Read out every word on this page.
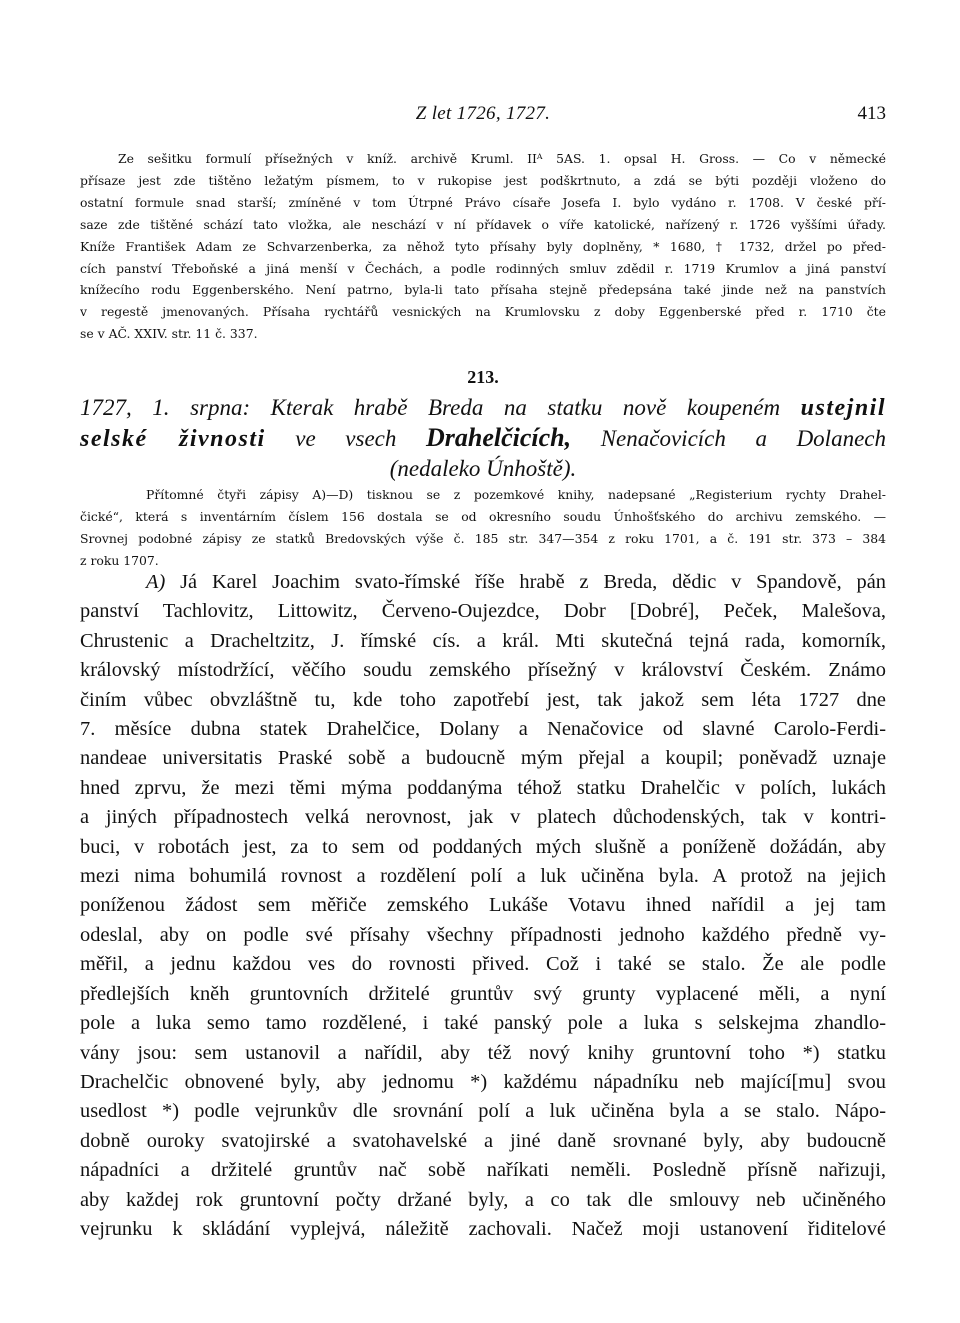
Z let 1726, 1727.	413
Ze sešitku formulí přísežných v kníž. archivě Kruml. IIᴬ 5AS. 1. opsal H. Gross. — Co v německé
přísaze jest zde tištěno ležatým písmem, to v rukopise jest podškrtnuto, a zdá se býti později vloženo do
ostatní formule snad starší; zmíněné v tom Útrpné Právo císaře Josefa I. bylo vydáno r. 1708. V české pří-
saze zde tištěné schází tato vložka, ale neschází v ní přídavek o víře katolické, nařízený r. 1726 vyššími úřady.
Kníže František Adam ze Schvarzenberka, za něhož tyto přísahy byly doplněny, * 1680, † 1732, držel po před-
cích panství Třeboňské a jiná menší v Čechách, a podle rodinných smluv zdědil r. 1719 Krumlov a jiná panství
knížecího rodu Eggenberského. Není patrno, byla-li tato přísaha stejně předepsána také jinde než na panstvích
v regestě jmenovaných. Přísaha rychtářů vesnických na Krumlovsku z doby Eggenberské před r. 1710 čte
se v AČ. XXIV. str. 11 č. 337.
213.
1727, 1. srpna: Kterak hrabě Breda na statku nově koupeném ustejnil
selské živnosti ve vsech Drahelčicích, Nenačovicích a Dolanech
(nedaleko Únhoště).
Přítomné čtyři zápisy A)—D) tisknou se z pozemkové knihy, nadepsané „Registerium rychty Drahel-
čické“, která s inventárním číslem 156 dostala se od okresního soudu Únhošťského do archivu zemského. —
Srovnej podobné zápisy ze statků Bredovských výše č. 185 str. 347—354 z roku 1701, a č. 191 str. 373 – 384
z roku 1707.
A) Já Karel Joachim svato-římské říše hrabě z Breda, dědic v Spandově, pán
panství Tachlovitz, Littowitz, Červeno-Oujezdce, Dobr [Dobré], Peček, Malešova,
Chrustenic a Dracheltzitz, J. římské cís. a král. Mti skutečná tejná rada, komorník,
královský místodržící, věčího soudu zemského přísežný v království Českém. Známo
činím vůbec obvzláštně tu, kde toho zapotřebí jest, tak jakož sem léta 1727 dne
7. měsíce dubna statek Drahelčice, Dolany a Nenačovice od slavné Carolo-Ferdi-
nandeae universitatis Praské sobě a budoucně mým přejal a koupil; poněvadž uznaje
hned zprvu, že mezi těmi mýma poddanýma téhož statku Drahelčic v polích, lukách
a jiných případnostech velká nerovnost, jak v platech důchodenských, tak v kontri-
buci, v robotách jest, za to sem od poddaných mých slušně a poníženě dožádán, aby
mezi nima bohumilá rovnost a rozdělení polí a luk učiněna byla. A protož na jejich
poníženou žádost sem měřiče zemského Lukáše Votavu ihned nařídil a jej tam
odeslal, aby on podle své přísahy všechny případnosti jednoho každého předně vy-
měřil, a jednu každou ves do rovnosti přived. Což i také se stalo. Že ale podle
předlejších kněh gruntovních držitelé gruntův svý grunty vyplacené měli, a nyní
pole a luka semo tamo rozdělené, i také panský pole a luka s selskejma zhandlo-
vány jsou: sem ustanovil a nařídil, aby též nový knihy gruntovní toho *) statku
Drachelčic obnovené byly, aby jednomu *) každému nápadníku neb mající[mu] svou
usedlost *) podle vejrunkův dle srovnání polí a luk učiněna byla a se stalo. Nápo-
dobně ouroky svatojirské a svatohavelské a jiné daně srovnané byly, aby budoucně
nápadníci a držitelé gruntův nač sobě naříkati neměli. Posledně přísně nařizuji,
aby každej rok gruntovní počty držané byly, a co tak dle smlouvy neb učiněného
vejrunku k skládání vyplejvá, náležitě zachovali. Načež moji ustanovení řiditelové
